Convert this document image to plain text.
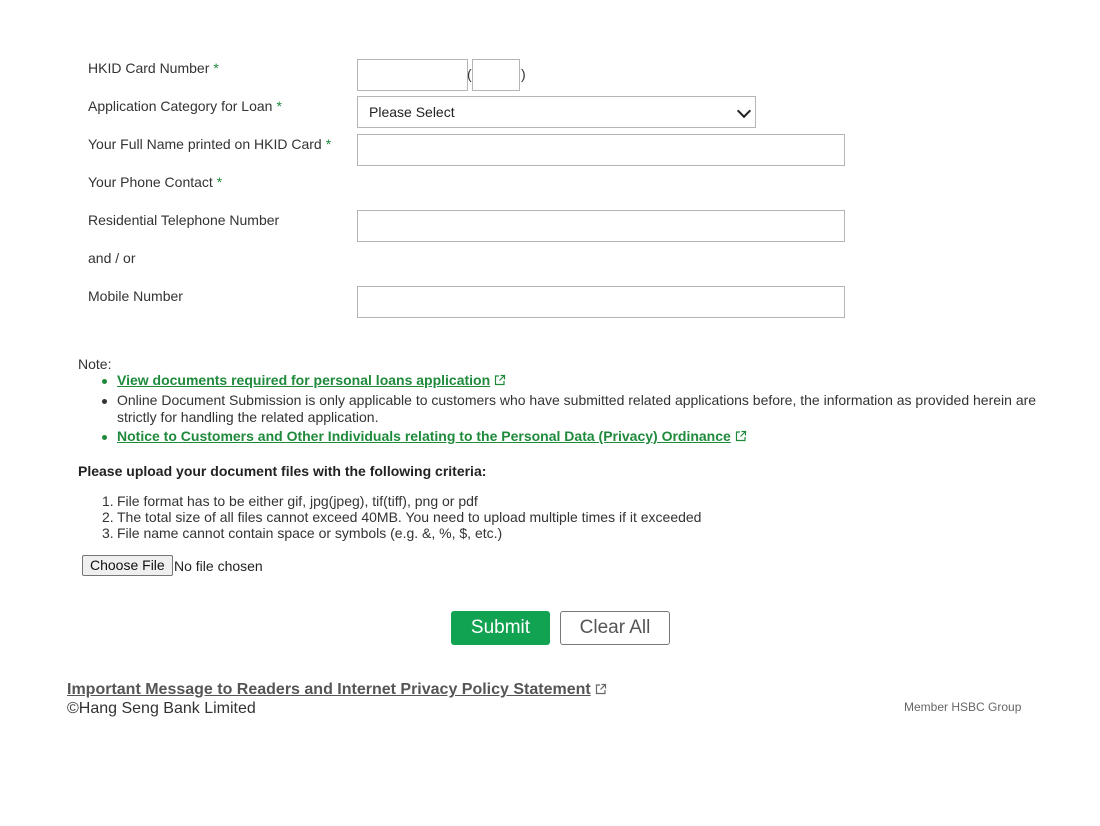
HKID Card Number *	(	)
Application Category for Loan *	Please Select
Your Full Name printed on HKID Card *
Your Phone Contact *
Residential Telephone Number
and / or
Mobile Number
Note:
View documents required for personal loans application
Online Document Submission is only applicable to customers who have submitted related applications before, the information as provided herein are strictly for handling the related application.
Notice to Customers and Other Individuals relating to the Personal Data (Privacy) Ordinance
Please upload your document files with the following criteria:
1. File format has to be either gif, jpg(jpeg), tif(tiff), png or pdf
2. The total size of all files cannot exceed 40MB. You need to upload multiple times if it exceeded
3. File name cannot contain space or symbols (e.g. &, %, $, etc.)
Choose File No file chosen
Submit	Clear All
Important Message to Readers and Internet Privacy Policy Statement
©Hang Seng Bank Limited	Member HSBC Group
